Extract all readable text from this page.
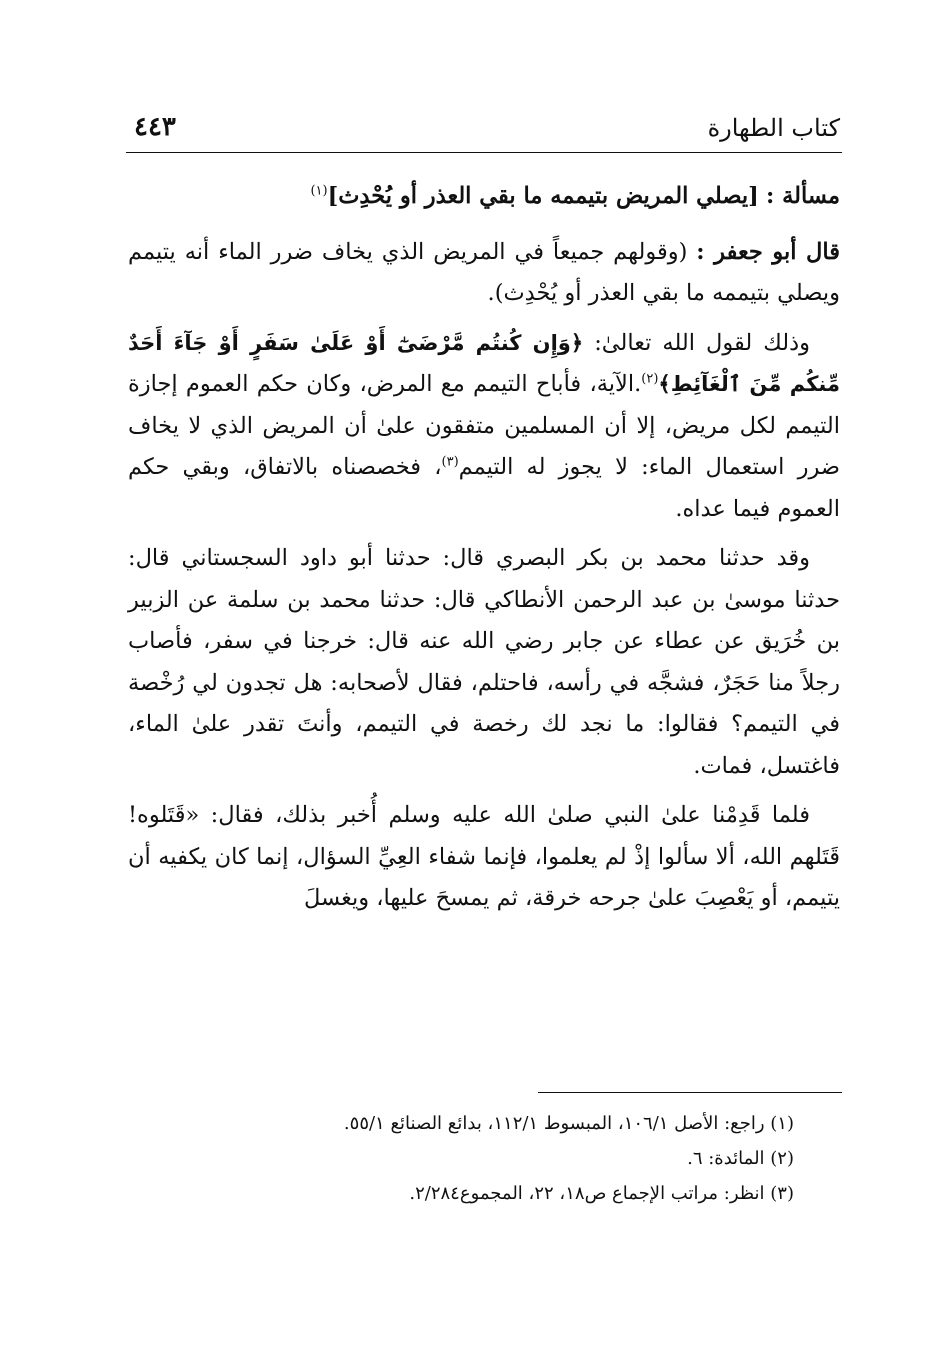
كتاب الطهارة
٤٤٣

مسألة : [يصلي المريض بتيممه ما بقي العذر أو يُحْدِث]$^{(١)}$

قال أبو جعفر : (وقولهم جميعاً في المريض الذي يخاف ضرر الماء أنه يتيمم ويصلي بتيممه ما بقي العذر أو يُحْدِث).

وذلك لقول الله تعالىٰ: ﴿وَإِن كُنتُم مَّرْضَىٰٓ أَوْ عَلَىٰ سَفَرٍ أَوْ جَآءَ أَحَدٌ مِّنكُم مِّنَ ٱلْغَآئِطِ﴾$^{(٢)}$.الآية، فأباح التيمم مع المرض، وكان حكم العموم إجازة التيمم لكل مريض، إلا أن المسلمين متفقون علىٰ أن المريض الذي لا يخاف ضرر استعمال الماء: لا يجوز له التيمم$^{(٣)}$، فخصصناه بالاتفاق، وبقي حكم العموم فيما عداه.

وقد حدثنا محمد بن بكر البصري قال: حدثنا أبو داود السجستاني قال: حدثنا موسىٰ بن عبد الرحمن الأنطاكي قال: حدثنا محمد بن سلمة عن الزبير بن خُرَيق عن عطاء عن جابر رضي الله عنه قال: خرجنا في سفر، فأصاب رجلاً منا حَجَرٌ، فشجَّه في رأسه، فاحتلم، فقال لأصحابه: هل تجدون لي رُخْصة في التيمم؟ فقالوا: ما نجد لك رخصة في التيمم، وأنتَ تقدر علىٰ الماء، فاغتسل، فمات.

فلما قَدِمْنا علىٰ النبي صلىٰ الله عليه وسلم أُخبر بذلك، فقال: «قَتَلوه! قَتَلهم الله، ألا سألوا إذْ لم يعلموا، فإنما شفاء العِيِّ السؤال، إنما كان يكفيه أن يتيمم، أو يَعْصِبَ علىٰ جرحه خرقة، ثم يمسحَ عليها، ويغسلَ

(١) راجع: الأصل ١٠٦/١، المبسوط ١١٢/١، بدائع الصنائع ٥٥/١.
(٢) المائدة: ٦.
(٣) انظر: مراتب الإجماع ص١٨، ٢٢، المجموع٢/٢٨٤.
